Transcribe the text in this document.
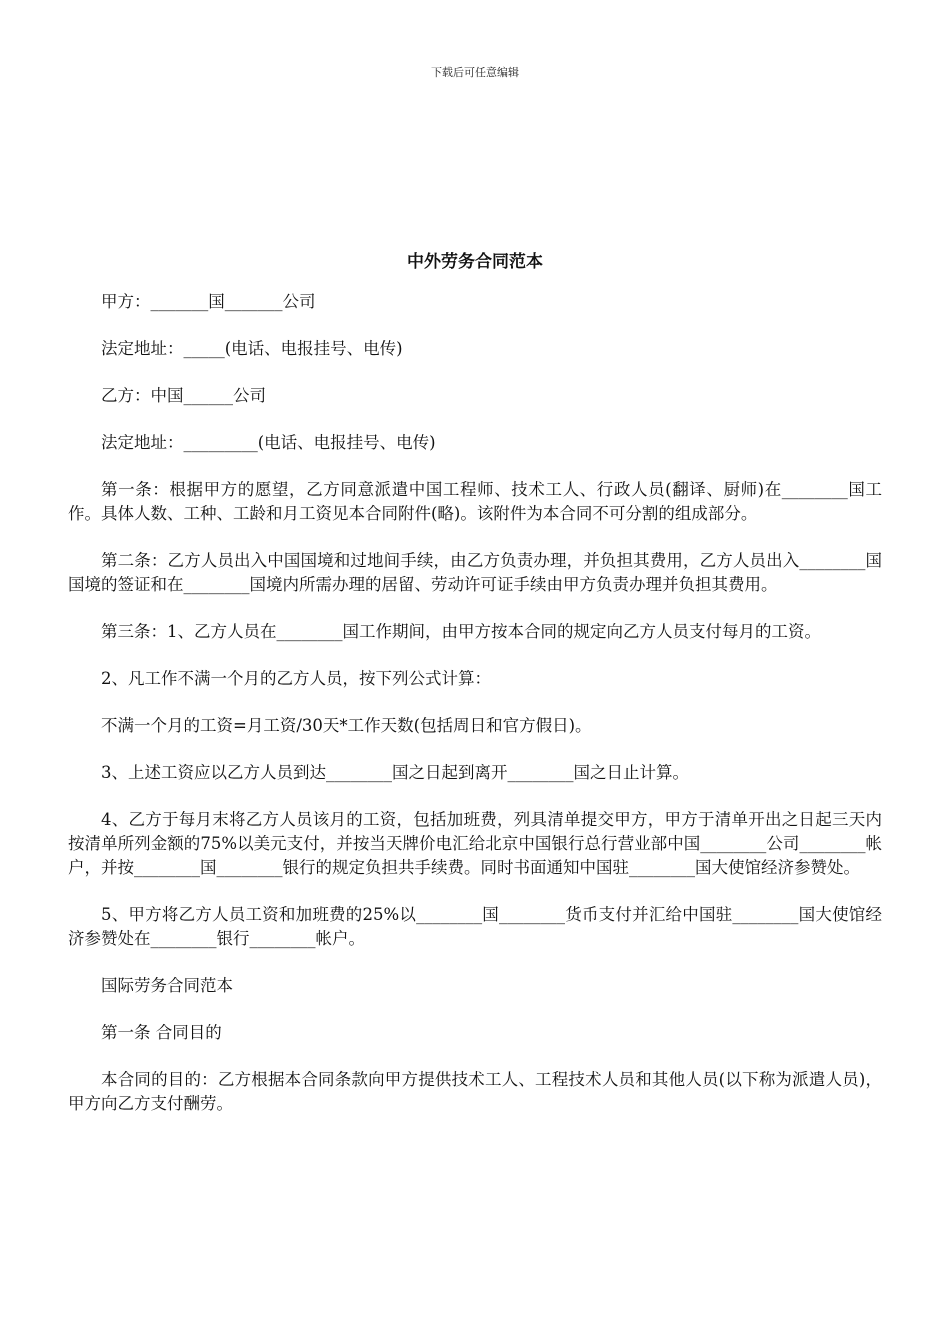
下载后可任意编辑
中外劳务合同范本

甲方：_______国_______公司

法定地址：_____(电话、电报挂号、电传)

乙方：中国______公司

法定地址：_________(电话、电报挂号、电传)

第一条：根据甲方的愿望，乙方同意派遣中国工程师、技术工人、行政人员(翻译、厨师)在________国工作。具体人数、工种、工龄和月工资见本合同附件(略)。该附件为本合同不可分割的组成部分。

第二条：乙方人员出入中国国境和过地间手续，由乙方负责办理，并负担其费用，乙方人员出入________国国境的签证和在________国境内所需办理的居留、劳动许可证手续由甲方负责办理并负担其费用。

第三条：1、乙方人员在________国工作期间，由甲方按本合同的规定向乙方人员支付每月的工资。

2、凡工作不满一个月的乙方人员，按下列公式计算：

不满一个月的工资=月工资/30天*工作天数(包括周日和官方假日)。

3、上述工资应以乙方人员到达________国之日起到离开________国之日止计算。

4、乙方于每月末将乙方人员该月的工资，包括加班费，列具清单提交甲方，甲方于清单开出之日起三天内按清单所列金额的75%以美元支付，并按当天牌价电汇给北京中国银行总行营业部中国________公司________帐户，并按________国________银行的规定负担共手续费。同时书面通知中国驻________国大使馆经济参赞处。

5、甲方将乙方人员工资和加班费的25%以________国________货币支付并汇给中国驻________国大使馆经济参赞处在________银行________帐户。

国际劳务合同范本

第一条 合同目的

本合同的目的：乙方根据本合同条款向甲方提供技术工人、工程技术人员和其他人员(以下称为派遣人员)，甲方向乙方支付酬劳。
